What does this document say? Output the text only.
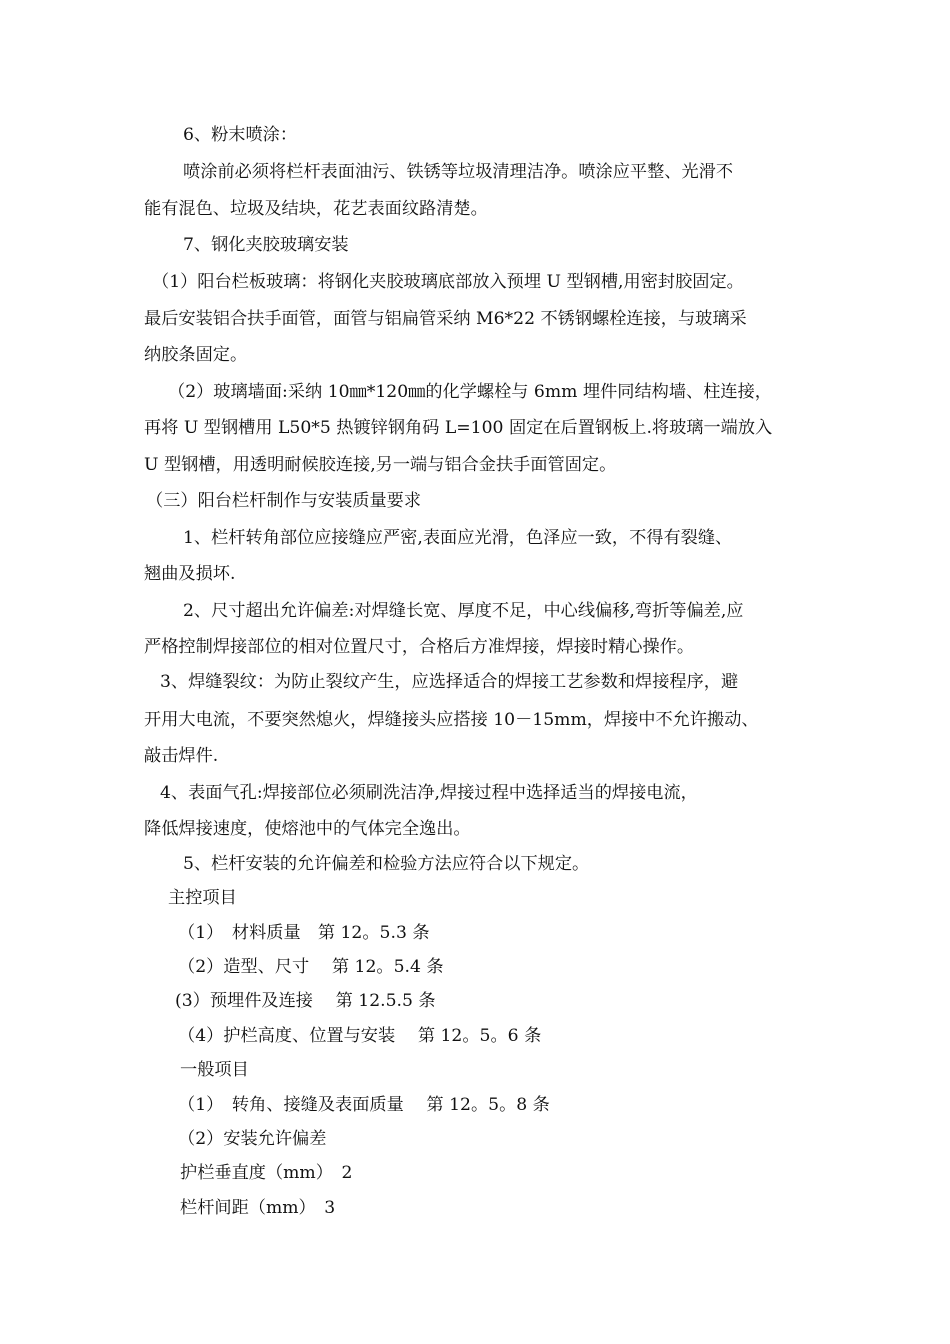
6、粉末喷涂：
喷涂前必须将栏杆表面油污、铁锈等垃圾清理洁净。喷涂应平整、光滑不
能有混色、垃圾及结块，花艺表面纹路清楚。
7、钢化夹胶玻璃安装
（1）阳台栏板玻璃：将钢化夹胶玻璃底部放入预埋 U 型钢槽,用密封胶固定。
最后安装铝合扶手面管，面管与铝扁管采纳 M6*22 不锈钢螺栓连接，与玻璃采
纳胶条固定。
（2）玻璃墙面:采纳 10㎜*120㎜的化学螺栓与 6mm 埋件同结构墙、柱连接，
再将 U 型钢槽用 L50*5 热镀锌钢角码 L=100 固定在后置钢板上.将玻璃一端放入
U 型钢槽，用透明耐候胶连接,另一端与铝合金扶手面管固定。
（三）阳台栏杆制作与安装质量要求
1、栏杆转角部位应接缝应严密,表面应光滑，色泽应一致，不得有裂缝、
翘曲及损坏.
2、尺寸超出允许偏差:对焊缝长宽、厚度不足，中心线偏移,弯折等偏差,应
严格控制焊接部位的相对位置尺寸，合格后方准焊接，焊接时精心操作。
3、焊缝裂纹：为防止裂纹产生，应选择适合的焊接工艺参数和焊接程序，避
开用大电流，不要突然熄火，焊缝接头应搭接 10－15mm，焊接中不允许搬动、
敲击焊件.
4、表面气孔:焊接部位必须刷洗洁净,焊接过程中选择适当的焊接电流，
降低焊接速度，使熔池中的气体完全逸出。
5、栏杆安装的允许偏差和检验方法应符合以下规定。
主控项目
（1）　材料质量　第 12。5.3 条
（2）造型、尺寸　 第 12。5.4 条
(3）预埋件及连接　 第 12.5.5 条
（4）护栏高度、位置与安装　 第 12。5。6 条
一般项目
（1）　转角、接缝及表面质量　 第 12。5。8 条
（2）安装允许偏差
护栏垂直度（mm）　2
栏杆间距（mm）　3
